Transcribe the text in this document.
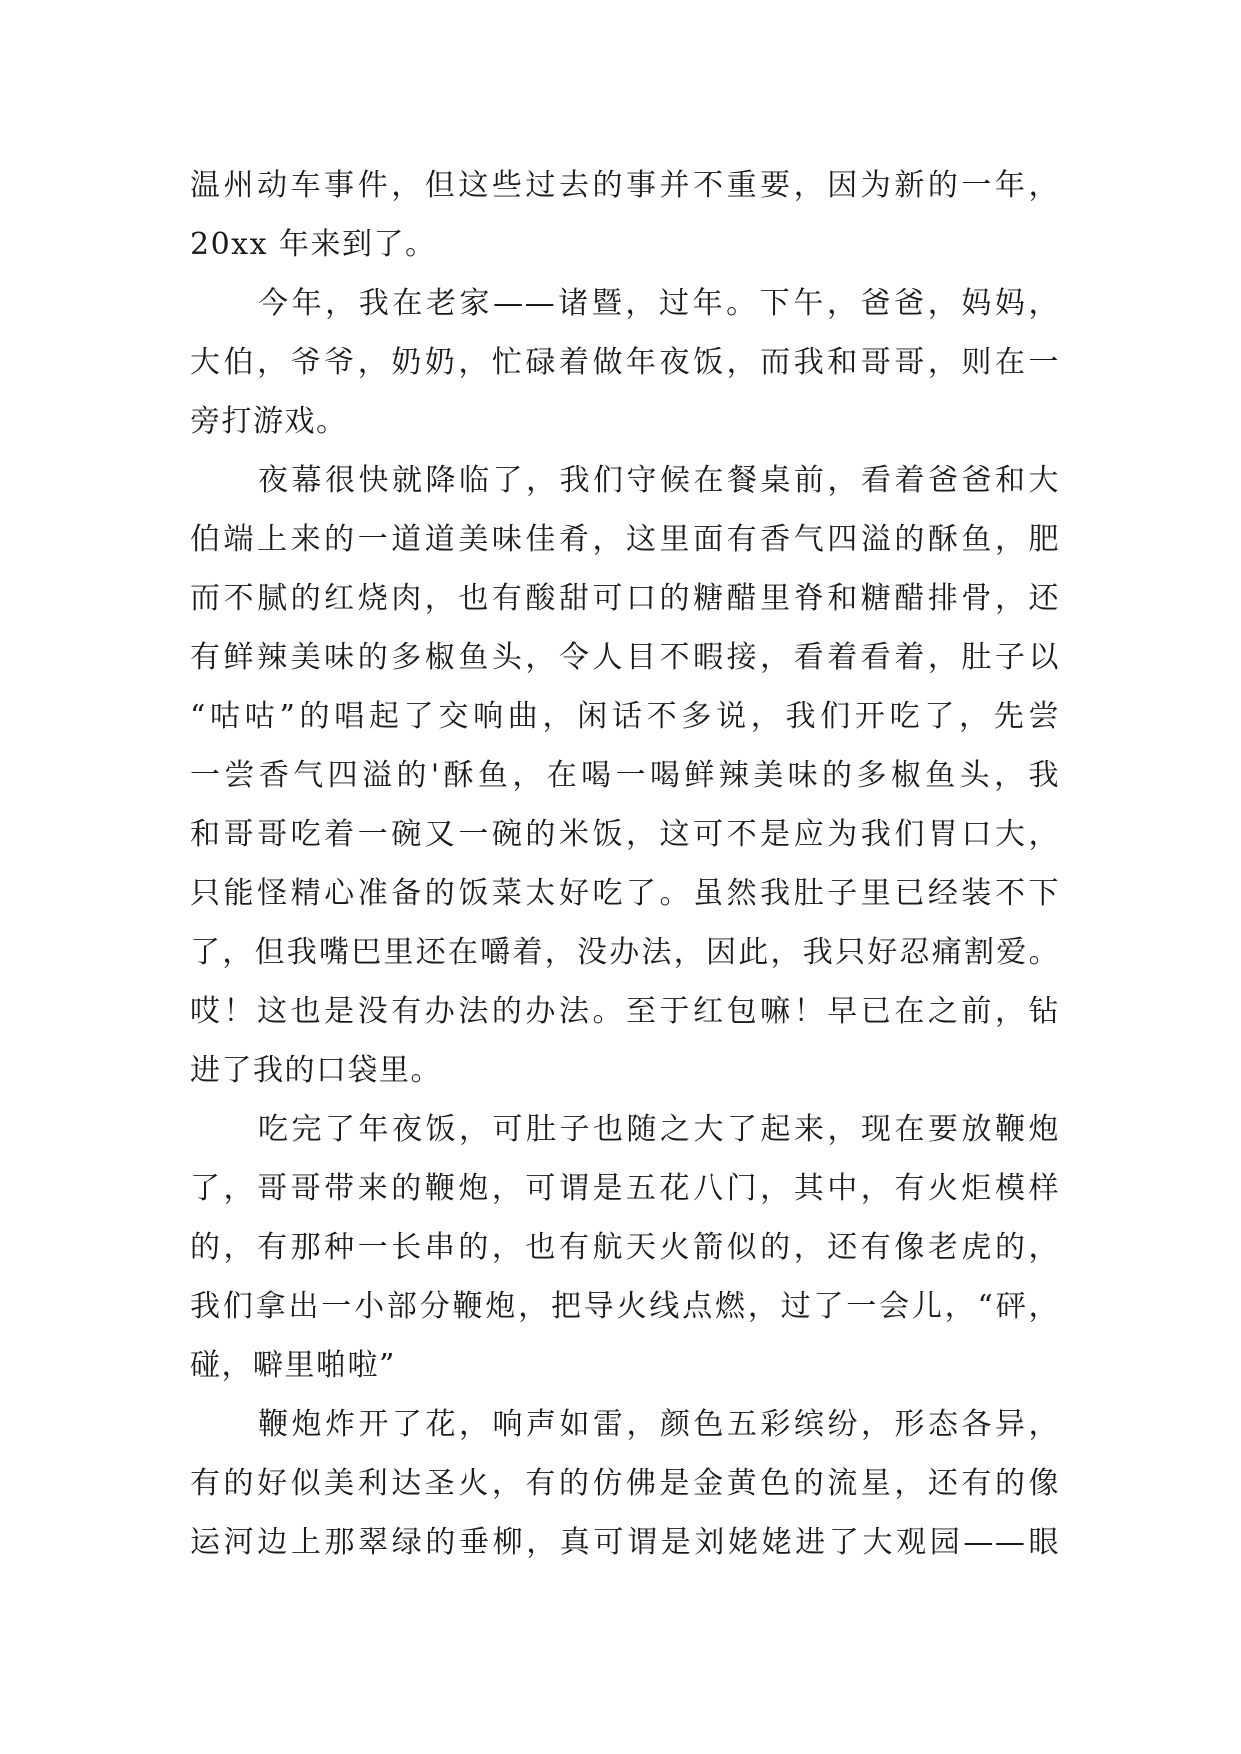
温州动车事件，但这些过去的事并不重要，因为新的一年，
20xx 年来到了。
今年，我在老家——诸暨，过年。下午，爸爸，妈妈，
大伯，爷爷，奶奶，忙碌着做年夜饭，而我和哥哥，则在一
旁打游戏。
夜幕很快就降临了，我们守候在餐桌前，看着爸爸和大
伯端上来的一道道美味佳肴，这里面有香气四溢的酥鱼，肥
而不腻的红烧肉，也有酸甜可口的糖醋里脊和糖醋排骨，还
有鲜辣美味的多椒鱼头，令人目不暇接，看着看着，肚子以
“咕咕”的唱起了交响曲，闲话不多说，我们开吃了，先尝
一尝香气四溢的'酥鱼，在喝一喝鲜辣美味的多椒鱼头，我
和哥哥吃着一碗又一碗的米饭，这可不是应为我们胃口大，
只能怪精心准备的饭菜太好吃了。虽然我肚子里已经装不下
了，但我嘴巴里还在嚼着，没办法，因此，我只好忍痛割爱。
哎！这也是没有办法的办法。至于红包嘛！早已在之前，钻
进了我的口袋里。
吃完了年夜饭，可肚子也随之大了起来，现在要放鞭炮
了，哥哥带来的鞭炮，可谓是五花八门，其中，有火炬模样
的，有那种一长串的，也有航天火箭似的，还有像老虎的，
我们拿出一小部分鞭炮，把导火线点燃，过了一会儿，“砰，
碰，噼里啪啦”
鞭炮炸开了花，响声如雷，颜色五彩缤纷，形态各异，
有的好似美利达圣火，有的仿佛是金黄色的流星，还有的像
运河边上那翠绿的垂柳，真可谓是刘姥姥进了大观园——眼
